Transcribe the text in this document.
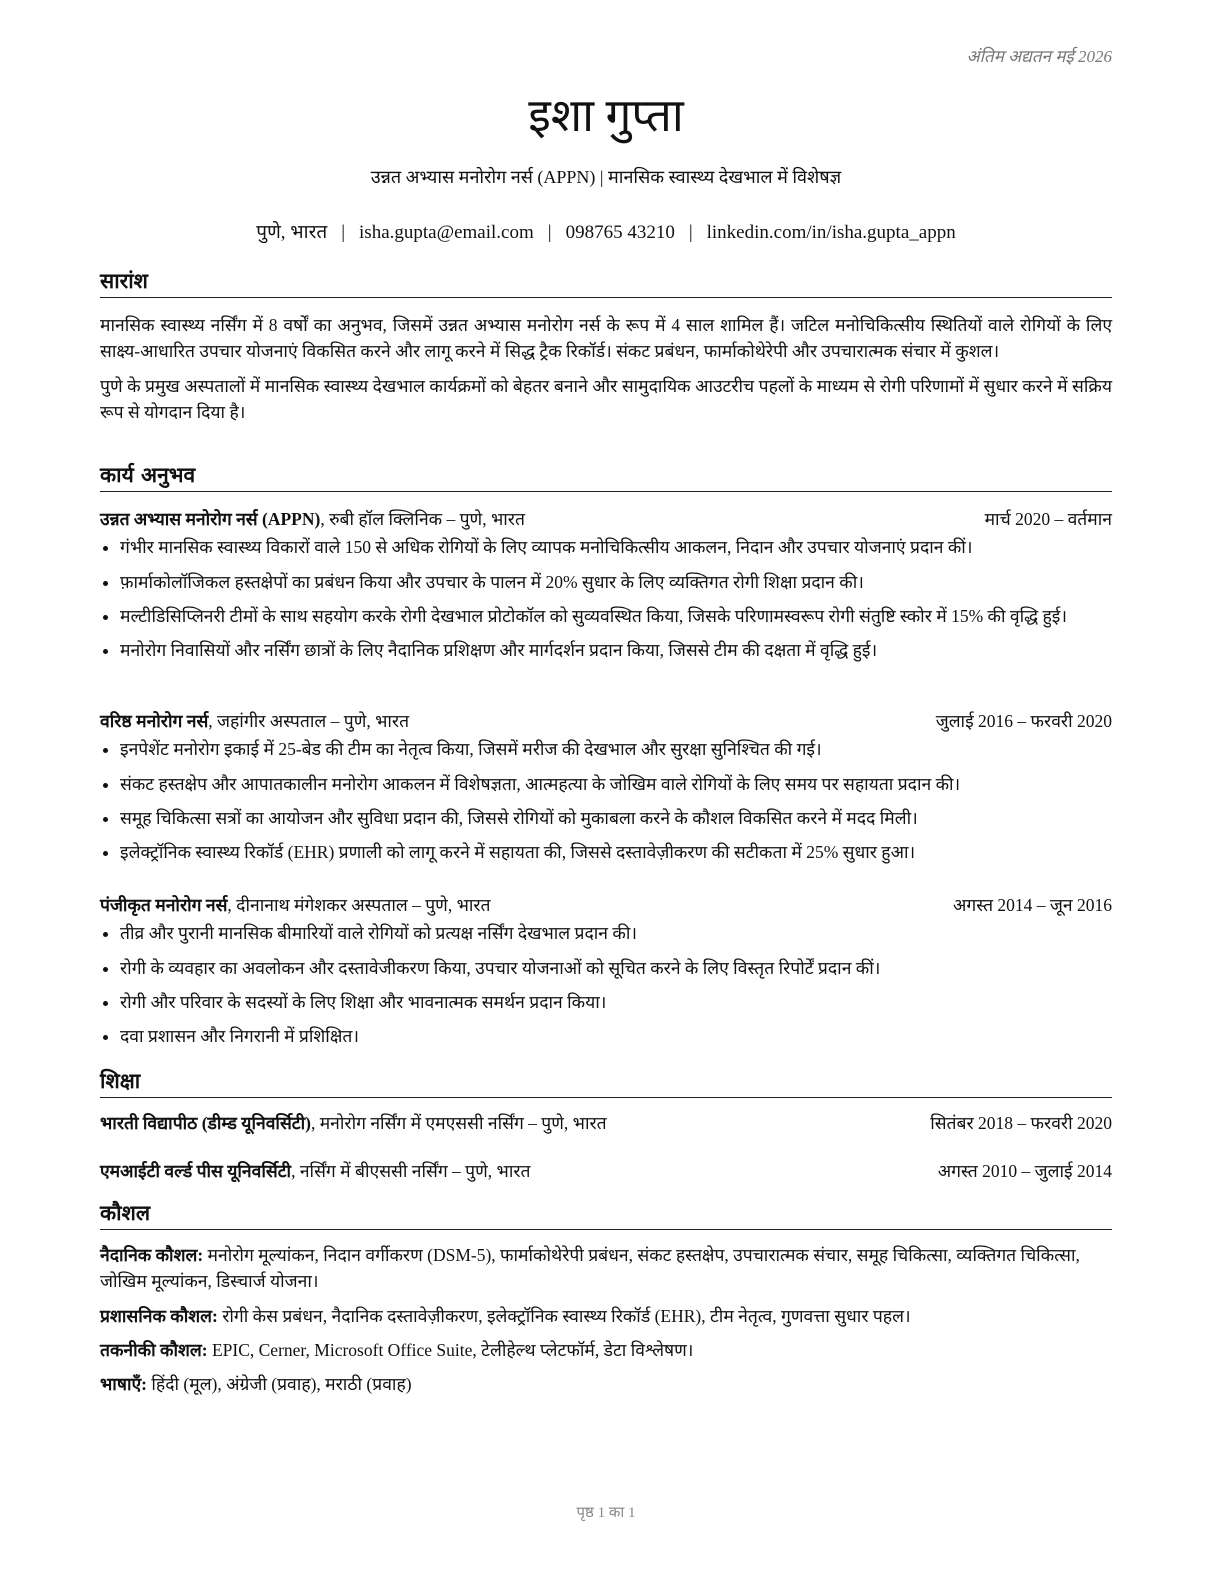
अंतिम अद्यतन मई 2026
इशा गुप्ता
उन्नत अभ्यास मनोरोग नर्स (APPN) | मानसिक स्वास्थ्य देखभाल में विशेषज्ञ
पुणे, भारत | isha.gupta@email.com | 098765 43210 | linkedin.com/in/isha.gupta_appn
सारांश

मानसिक स्वास्थ्य नर्सिंग में 8 वर्षों का अनुभव, जिसमें उन्नत अभ्यास मनोरोग नर्स के रूप में 4 साल शामिल हैं। जटिल मनोचिकित्सीय स्थितियों वाले रोगियों के लिए साक्ष्य-आधारित उपचार योजनाएं विकसित करने और लागू करने में सिद्ध ट्रैक रिकॉर्ड। संकट प्रबंधन, फार्माकोथेरेपी और उपचारात्मक संचार में कुशल।

पुणे के प्रमुख अस्पतालों में मानसिक स्वास्थ्य देखभाल कार्यक्रमों को बेहतर बनाने और सामुदायिक आउटरीच पहलों के माध्यम से रोगी परिणामों में सुधार करने में सक्रिय रूप से योगदान दिया है।

कार्य अनुभव
उन्नत अभ्यास मनोरोग नर्स (APPN), रुबी हॉल क्लिनिक – पुणे, भारत	मार्च 2020 – वर्तमान
• गंभीर मानसिक स्वास्थ्य विकारों वाले 150 से अधिक रोगियों के लिए व्यापक मनोचिकित्सीय आकलन, निदान और उपचार योजनाएं प्रदान कीं।
• फ़ार्माकोलॉजिकल हस्तक्षेपों का प्रबंधन किया और उपचार के पालन में 20% सुधार के लिए व्यक्तिगत रोगी शिक्षा प्रदान की।
• मल्टीडिसिप्लिनरी टीमों के साथ सहयोग करके रोगी देखभाल प्रोटोकॉल को सुव्यवस्थित किया, जिसके परिणामस्वरूप रोगी संतुष्टि स्कोर में 15% की वृद्धि हुई।
• मनोरोग निवासियों और नर्सिंग छात्रों के लिए नैदानिक प्रशिक्षण और मार्गदर्शन प्रदान किया, जिससे टीम की दक्षता में वृद्धि हुई।
वरिष्ठ मनोरोग नर्स, जहांगीर अस्पताल – पुणे, भारत	जुलाई 2016 – फरवरी 2020
• इनपेशेंट मनोरोग इकाई में 25-बेड की टीम का नेतृत्व किया, जिसमें मरीज की देखभाल और सुरक्षा सुनिश्चित की गई।
• संकट हस्तक्षेप और आपातकालीन मनोरोग आकलन में विशेषज्ञता, आत्महत्या के जोखिम वाले रोगियों के लिए समय पर सहायता प्रदान की।
• समूह चिकित्सा सत्रों का आयोजन और सुविधा प्रदान की, जिससे रोगियों को मुकाबला करने के कौशल विकसित करने में मदद मिली।
• इलेक्ट्रॉनिक स्वास्थ्य रिकॉर्ड (EHR) प्रणाली को लागू करने में सहायता की, जिससे दस्तावेज़ीकरण की सटीकता में 25% सुधार हुआ।
पंजीकृत मनोरोग नर्स, दीनानाथ मंगेशकर अस्पताल – पुणे, भारत	अगस्त 2014 – जून 2016
• तीव्र और पुरानी मानसिक बीमारियों वाले रोगियों को प्रत्यक्ष नर्सिंग देखभाल प्रदान की।
• रोगी के व्यवहार का अवलोकन और दस्तावेजीकरण किया, उपचार योजनाओं को सूचित करने के लिए विस्तृत रिपोर्टें प्रदान कीं।
• रोगी और परिवार के सदस्यों के लिए शिक्षा और भावनात्मक समर्थन प्रदान किया।
• दवा प्रशासन और निगरानी में प्रशिक्षित।
शिक्षा
भारती विद्यापीठ (डीम्ड यूनिवर्सिटी), मनोरोग नर्सिंग में एमएससी नर्सिंग – पुणे, भारत	सितंबर 2018 – फरवरी 2020
एमआईटी वर्ल्ड पीस यूनिवर्सिटी, नर्सिंग में बीएससी नर्सिंग – पुणे, भारत	अगस्त 2010 – जुलाई 2014
कौशल

नैदानिक कौशल: मनोरोग मूल्यांकन, निदान वर्गीकरण (DSM-5), फार्माकोथेरेपी प्रबंधन, संकट हस्तक्षेप, उपचारात्मक संचार, समूह चिकित्सा, व्यक्तिगत चिकित्सा, जोखिम मूल्यांकन, डिस्चार्ज योजना।

प्रशासनिक कौशल: रोगी केस प्रबंधन, नैदानिक दस्तावेज़ीकरण, इलेक्ट्रॉनिक स्वास्थ्य रिकॉर्ड (EHR), टीम नेतृत्व, गुणवत्ता सुधार पहल।

तकनीकी कौशल: EPIC, Cerner, Microsoft Office Suite, टेलीहेल्थ प्लेटफॉर्म, डेटा विश्लेषण।

भाषाएँ: हिंदी (मूल), अंग्रेजी (प्रवाह), मराठी (प्रवाह)

पृष्ठ 1 का 1
